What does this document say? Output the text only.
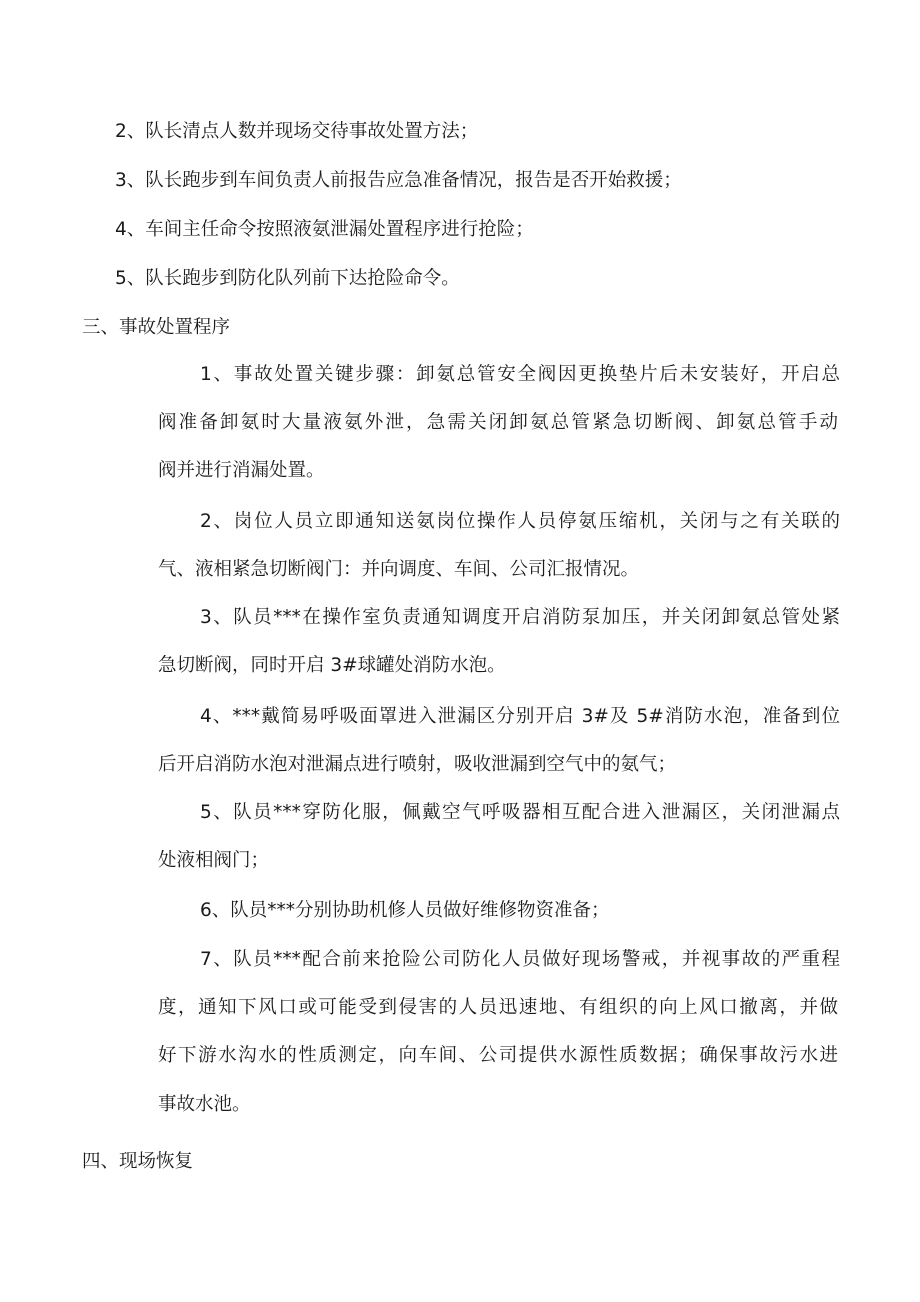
2、队长清点人数并现场交待事故处置方法；
3、队长跑步到车间负责人前报告应急准备情况，报告是否开始救援；
4、车间主任命令按照液氨泄漏处置程序进行抢险；
5、队长跑步到防化队列前下达抢险命令。
三、事故处置程序
1、事故处置关键步骤：卸氨总管安全阀因更换垫片后未安装好，开启总
阀准备卸氨时大量液氨外泄，急需关闭卸氨总管紧急切断阀、卸氨总管手动
阀并进行消漏处置。
2、岗位人员立即通知送氨岗位操作人员停氨压缩机，关闭与之有关联的
气、液相紧急切断阀门：并向调度、车间、公司汇报情况。
3、队员***在操作室负责通知调度开启消防泵加压，并关闭卸氨总管处紧
急切断阀，同时开启 3#球罐处消防水泡。
4、***戴简易呼吸面罩进入泄漏区分别开启 3#及 5#消防水泡，准备到位
后开启消防水泡对泄漏点进行喷射，吸收泄漏到空气中的氨气；
5、队员***穿防化服，佩戴空气呼吸器相互配合进入泄漏区，关闭泄漏点
处液相阀门；
6、队员***分别协助机修人员做好维修物资准备；
7、队员***配合前来抢险公司防化人员做好现场警戒，并视事故的严重程
度，通知下风口或可能受到侵害的人员迅速地、有组织的向上风口撤离，并做
好下游水沟水的性质测定，向车间、公司提供水源性质数据；确保事故污水进
事故水池。
四、现场恢复
